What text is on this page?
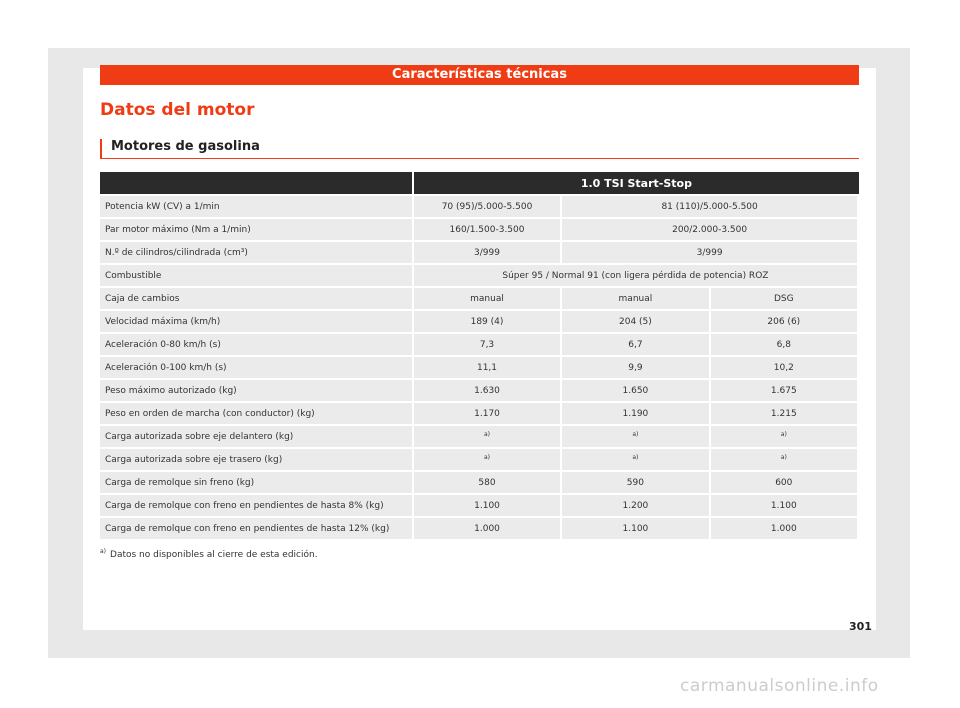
Características técnicas
Datos del motor
Motores de gasolina
	1.0 TSI Start-Stop		
Potencia kW (CV) a 1/min	70 (95)/5.000-5.500	81 (110)/5.000-5.500	
Par motor máximo (Nm a 1/min)	160/1.500-3.500	200/2.000-3.500	
N.º de cilindros/cilindrada (cm³)	3/999	3/999	
Combustible	Súper 95 / Normal 91 (con ligera pérdida de potencia) ROZ		
Caja de cambios	manual	manual	DSG
Velocidad máxima (km/h)	189 (4)	204 (5)	206 (6)
Aceleración 0-80 km/h (s)	7,3	6,7	6,8
Aceleración 0-100 km/h (s)	11,1	9,9	10,2
Peso máximo autorizado (kg)	1.630	1.650	1.675
Peso en orden de marcha (con conductor) (kg)	1.170	1.190	1.215
Carga autorizada sobre eje delantero (kg)	$^{a)}$	$^{a)}$	$^{a)}$
Carga autorizada sobre eje trasero (kg)	$^{a)}$	$^{a)}$	$^{a)}$
Carga de remolque sin freno (kg)	580	590	600
Carga de remolque con freno en pendientes de hasta 8% (kg)	1.100	1.200	1.100
Carga de remolque con freno en pendientes de hasta 12% (kg)	1.000	1.100	1.000
$^{a)}$ Datos no disponibles al cierre de esta edición.
301
carmanualsonline.info
